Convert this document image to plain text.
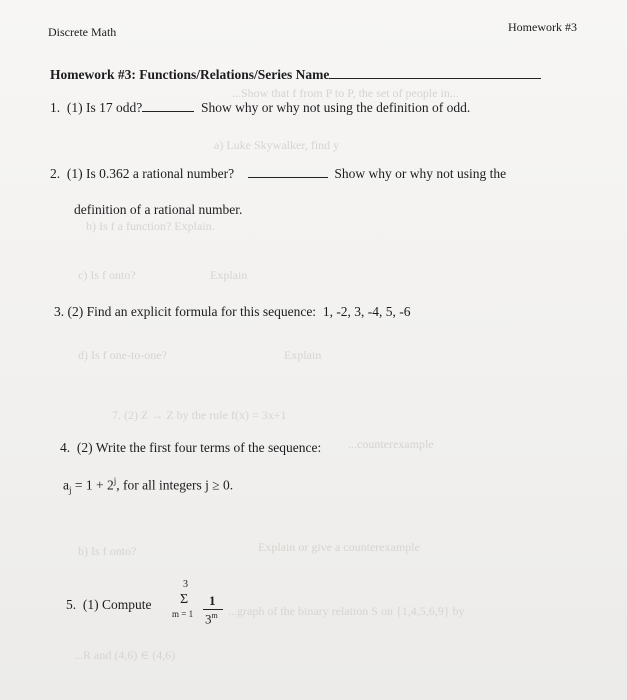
...Show that f from P to P, the set of people in...
a) Luke Skywalker, find y
b) Is f a function? Explain.
c) Is f onto?	Explain
d) Is f one-to-one?	Explain
7. (2) Z → Z by the rule f(x) = 3x+1
...counterexample
b) Is f onto?	Explain or give a counterexample
...graph of the binary relation S on {1,4,5,6,9} by
...R and (4,6) ∈ (4,6)
Discrete Math	Homework #3
Homework #3: Functions/Relations/Series Name
1. (1) Is 17 odd?	Show why or why not using the definition of odd.
2. (1) Is 0.362 a rational number?	Show why or why not using the
definition of a rational number.
3. (2) Find an explicit formula for this sequence: 1, -2, 3, -4, 5, -6
4. (2) Write the first four terms of the sequence:
$a_j = 1 + 2^j$, for all integers j ≥ 0.
5. (1) Compute
3
Σ
m = 1
1
3$^m$
